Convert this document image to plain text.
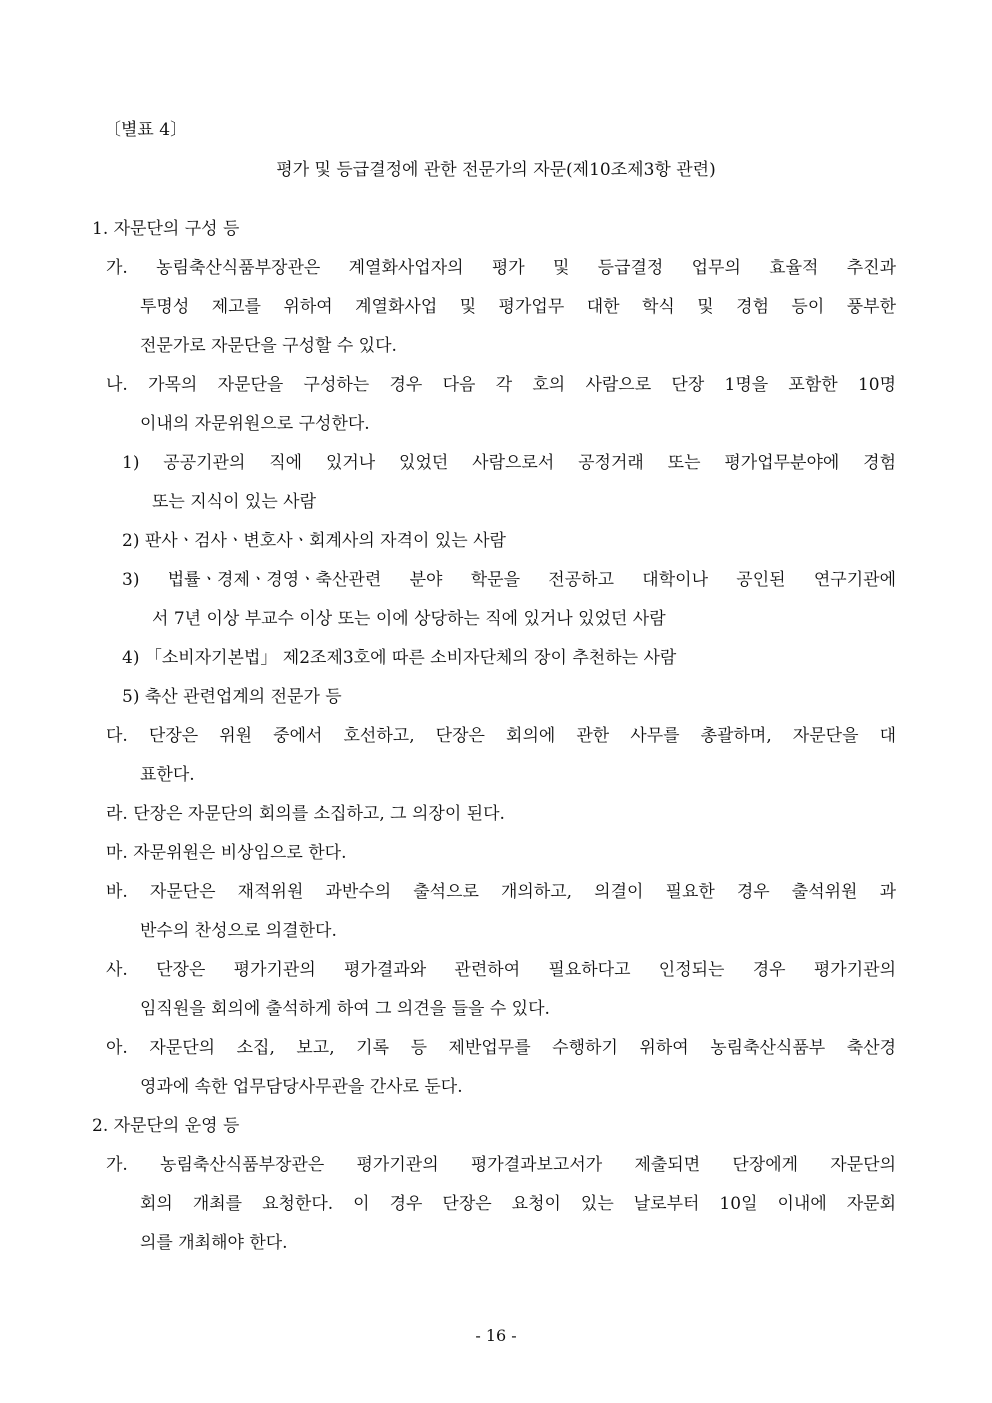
〔별표 4〕
평가 및 등급결정에 관한 전문가의 자문(제10조제3항 관련)
1. 자문단의 구성 등
가. 농림축산식품부장관은 계열화사업자의 평가 및 등급결정 업무의 효율적 추진과
투명성 제고를 위하여 계열화사업 및 평가업무 대한 학식 및 경험 등이 풍부한
전문가로 자문단을 구성할 수 있다.
나. 가목의 자문단을 구성하는 경우 다음 각 호의 사람으로 단장 1명을 포함한 10명
이내의 자문위원으로 구성한다.
1) 공공기관의 직에 있거나 있었던 사람으로서 공정거래 또는 평가업무분야에 경험
또는 지식이 있는 사람
2) 판사ㆍ검사ㆍ변호사ㆍ회계사의 자격이 있는 사람
3) 법률ㆍ경제ㆍ경영ㆍ축산관련 분야 학문을 전공하고 대학이나 공인된 연구기관에
서 7년 이상 부교수 이상 또는 이에 상당하는 직에 있거나 있었던 사람
4) 「소비자기본법」 제2조제3호에 따른 소비자단체의 장이 추천하는 사람
5) 축산 관련업계의 전문가 등
다. 단장은 위원 중에서 호선하고, 단장은 회의에 관한 사무를 총괄하며, 자문단을 대
표한다.
라. 단장은 자문단의 회의를 소집하고, 그 의장이 된다.
마. 자문위원은 비상임으로 한다.
바. 자문단은 재적위원 과반수의 출석으로 개의하고, 의결이 필요한 경우 출석위원 과
반수의 찬성으로 의결한다.
사. 단장은 평가기관의 평가결과와 관련하여 필요하다고 인정되는 경우 평가기관의
임직원을 회의에 출석하게 하여 그 의견을 들을 수 있다.
아. 자문단의 소집, 보고, 기록 등 제반업무를 수행하기 위하여 농림축산식품부 축산경
영과에 속한 업무담당사무관을 간사로 둔다.
2. 자문단의 운영 등
가. 농림축산식품부장관은 평가기관의 평가결과보고서가 제출되면 단장에게 자문단의
회의 개최를 요청한다. 이 경우 단장은 요청이 있는 날로부터 10일 이내에 자문회
의를 개최해야 한다.
- 16 -
